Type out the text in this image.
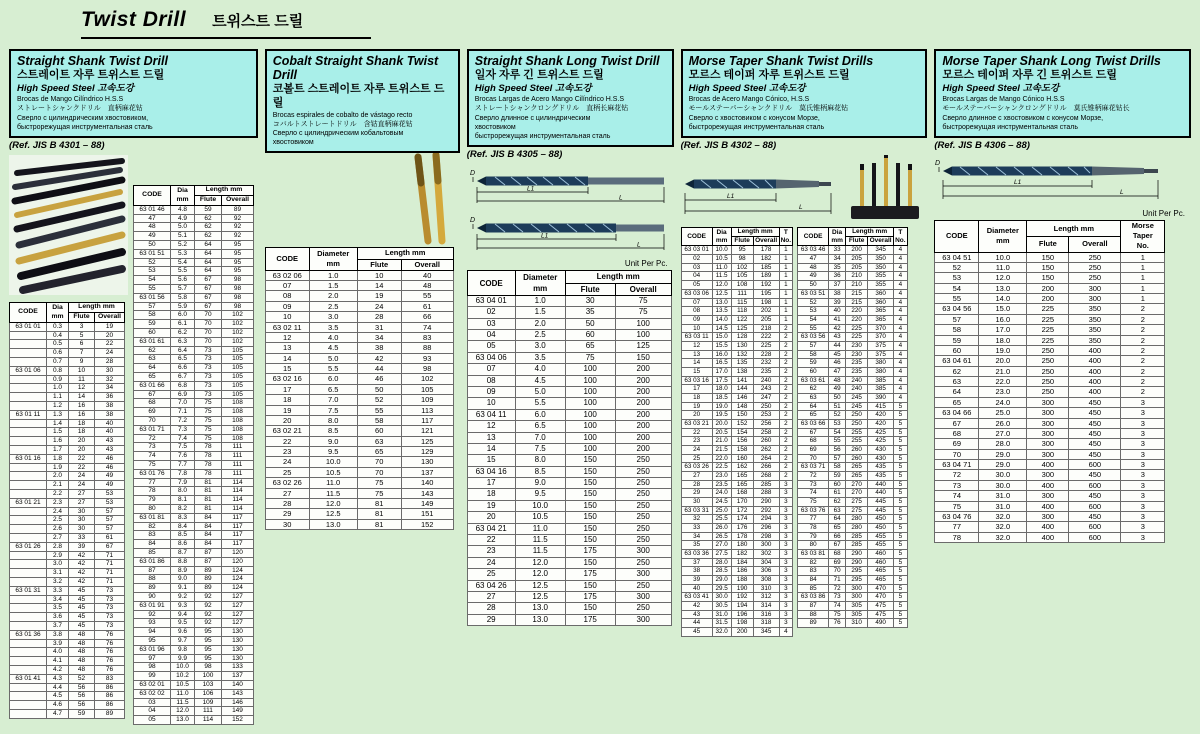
Twist Drill 트위스트 드릴
Straight Shank Twist Drill
스트레이트 자루 트위스트 드릴
High Speed Steel 고속도강
Brocas de Mango Cilíndrico H.S.S
ストレートシャンクドリル　直柄麻花钻
Сверло с цилиндрическим хвостовиком,
быстрорежущая инструментальная сталь
(Ref. JIS B 4301 – 88)
CODE	Dia
mm	Length mm	
		Flute	Overall
63 01 01	0.3	3	19
	0.4	5	20
	0.5	6	22
	0.6	7	24
	0.7	9	28
63 01 06	0.8	10	30
	0.9	11	32
	1.0	12	34
	1.1	14	36
	1.2	16	38
63 01 11	1.3	16	38
	1.4	18	40
	1.5	18	40
	1.6	20	43
	1.7	20	43
63 01 16	1.8	22	46
	1.9	22	46
	2.0	24	49
	2.1	24	49
	2.2	27	53
63 01 21	2.3	27	53
	2.4	30	57
	2.5	30	57
	2.6	30	57
	2.7	33	61
63 01 26	2.8	39	67
	2.9	42	71
	3.0	42	71
	3.1	42	71
	3.2	42	71
63 01 31	3.3	45	73
	3.4	45	73
	3.5	45	73
	3.6	45	73
	3.7	45	73
63 01 36	3.8	48	76
	3.9	48	76
	4.0	48	76
	4.1	48	76
	4.2	48	76
63 01 41	4.3	52	83
	4.4	56	86
	4.5	56	86
	4.6	56	86
	4.7	59	89
CODE	Dia
mm	Length mm	
		Flute	Overall
63 01 46	4.8	59	89
47	4.9	62	92
48	5.0	62	92
49	5.1	62	92
50	5.2	64	95
63 01 51	5.3	64	95
52	5.4	64	95
53	5.5	64	95
54	5.6	67	98
55	5.7	67	98
63 01 56	5.8	67	98
57	5.9	67	98
58	6.0	70	102
59	6.1	70	102
60	6.2	70	102
63 01 61	6.3	70	102
62	6.4	73	105
63	6.5	73	105
64	6.6	73	105
65	6.7	73	105
63 01 66	6.8	73	105
67	6.9	73	105
68	7.0	75	108
69	7.1	75	108
70	7.2	75	108
63 01 71	7.3	75	108
72	7.4	75	108
73	7.5	78	111
74	7.6	78	111
75	7.7	78	111
63 01 76	7.8	78	111
77	7.9	81	114
78	8.0	81	114
79	8.1	81	114
80	8.2	81	114
63 01 81	8.3	84	117
82	8.4	84	117
83	8.5	84	117
84	8.6	84	117
85	8.7	87	120
63 01 86	8.8	87	120
87	8.9	89	124
88	9.0	89	124
89	9.1	89	124
90	9.2	92	127
63 01 91	9.3	92	127
92	9.4	92	127
93	9.5	92	127
94	9.6	95	130
95	9.7	95	130
63 01 96	9.8	95	130
97	9.9	95	130
98	10.0	98	133
99	10.2	100	137
63 02 01	10.5	103	140
63 02 02	11.0	106	143
03	11.5	109	146
04	12.0	111	149
05	13.0	114	152
Cobalt Straight Shank Twist Drill
코볼트 스트레이트 자루 트위스트 드릴
Brocas espirales de cobalto de vástago recto
コバルトストレートドリル　含钴直柄麻花钻
Сверло с цилиндрическим кобальтовым
хвостовиком
CODE	Diameter
mm	Length mm	
		Flute	Overall
63 02 06	1.0	10	40
07	1.5	14	48
08	2.0	19	55
09	2.5	24	61
10	3.0	28	66
63 02 11	3.5	31	74
12	4.0	34	83
13	4.5	38	88
14	5.0	42	93
15	5.5	44	98
63 02 16	6.0	46	102
17	6.5	50	105
18	7.0	52	109
19	7.5	55	113
20	8.0	58	117
63 02 21	8.5	60	121
22	9.0	63	125
23	9.5	65	129
24	10.0	70	130
25	10.5	70	137
63 02 26	11.0	75	140
27	11.5	75	143
28	12.0	81	149
29	12.5	81	151
30	13.0	81	152
Straight Shank Long Twist Drill
일자 자루 긴 트위스트 드릴
High Speed Steel 고속도강
Brocas Largas de Acero Mango Cilíndrico H.S.S
ストレートシャンクロングドリル　直柄长麻花钻
Сверло длинное с цилиндрическим
хвостовиком
быстрорежущая инструментальная сталь
(Ref. JIS B 4305 – 88)
D
L1
L

D
L1
L
Unit Per Pc.
CODE	Diameter
mm	Length mm	
		Flute	Overall
63 04 01	1.0	30	75
02	1.5	35	75
03	2.0	50	100
04	2.5	60	100
05	3.0	65	125
63 04 06	3.5	75	150
07	4.0	100	200
08	4.5	100	200
09	5.0	100	200
10	5.5	100	200
63 04 11	6.0	100	200
12	6.5	100	200
13	7.0	100	200
14	7.5	100	200
15	8.0	150	250
63 04 16	8.5	150	250
17	9.0	150	250
18	9.5	150	250
19	10.0	150	250
20	10.5	150	250
63 04 21	11.0	150	250
22	11.5	150	250
23	11.5	175	300
24	12.0	150	250
25	12.0	175	300
63 04 26	12.5	150	250
27	12.5	175	300
28	13.0	150	250
29	13.0	175	300
Morse Taper Shank Twist Drills
모르스 테이퍼 자루 트위스트 드릴
High Speed Steel 고속도강
Brocas de Acero Mango Cónico, H.S.S
モールステーパーシャンクドリル　莫氏锥柄麻花钻
Сверло с хвостовиком с конусом Морзе,
быстрорежущая инструментальная сталь
(Ref. JIS B 4302 – 88)
L1
L
CODE	Dia
mm	Length mm		T
No.
		Flute	Overall	
63 03 01	10.0	95	178	1
02	10.5	98	182	1
03	11.0	102	185	1
04	11.5	105	189	1
05	12.0	108	192	1
63 03 06	12.5	111	195	1
07	13.0	115	198	1
08	13.5	118	202	1
09	14.0	122	205	1
10	14.5	125	218	2
63 03 11	15.0	128	222	2
12	15.5	130	225	2
13	16.0	132	228	2
14	16.5	135	232	2
15	17.0	138	235	2
63 03 16	17.5	141	240	2
17	18.0	144	243	2
18	18.5	146	247	2
19	19.0	148	250	2
20	19.5	150	253	2
63 03 21	20.0	152	256	2
22	20.5	154	258	2
23	21.0	156	260	2
24	21.5	158	262	2
25	22.0	160	264	2
63 03 26	22.5	162	266	2
27	23.0	165	268	2
28	23.5	165	285	3
29	24.0	168	288	3
30	24.5	170	290	3
63 03 31	25.0	172	292	3
32	25.5	174	294	3
33	26.0	176	296	3
34	26.5	178	298	3
35	27.0	180	300	3
63 03 36	27.5	182	302	3
37	28.0	184	304	3
38	28.5	186	306	3
39	29.0	188	308	3
40	29.5	190	310	3
63 03 41	30.0	192	312	3
42	30.5	194	314	3
43	31.0	196	316	3
44	31.5	198	318	3
45	32.0	200	345	4
CODE	Dia
mm	Length mm		T
No.
		Flute	Overall	
63 03 46	33	200	345	4
47	34	205	350	4
48	35	205	350	4
49	36	210	355	4
50	37	210	355	4
63 03 51	38	215	360	4
52	39	215	360	4
53	40	220	365	4
54	41	220	365	4
55	42	225	370	4
63 03 56	43	225	370	4
57	44	230	375	4
58	45	230	375	4
59	46	235	380	4
60	47	235	380	4
63 03 61	48	240	385	4
62	49	240	385	4
63	50	245	390	4
64	51	245	415	5
65	52	250	420	5
63 03 66	53	250	420	5
67	54	255	425	5
68	55	255	425	5
69	56	260	430	5
70	57	260	430	5
63 03 71	58	265	435	5
72	59	265	435	5
73	60	270	440	5
74	61	270	440	5
75	62	275	445	5
63 03 76	63	275	445	5
77	64	280	450	5
78	65	280	450	5
79	66	285	455	5
80	67	285	455	5
63 03 81	68	290	460	5
82	69	290	460	5
83	70	295	465	5
84	71	295	465	5
85	72	300	470	5
63 03 86	73	300	470	5
87	74	305	475	5
88	75	305	475	5
89	76	310	490	5
Morse Taper Shank Long Twist Drills
모르스 테이퍼 자루 긴 트위스트 드릴
High Speed Steel 고속도강
Brocas Largas de Mango Cónico H.S.S
モールステーパーシャンクロングドリル　莫氏锥柄麻花钻长
Сверло длинное с хвостовиком с конусом Морзе,
быстрорежущая инструментальная сталь
(Ref. JIS B 4306 – 88)
D
L1
L
Unit Per Pc.
CODE	Diameter
mm	Length mm		Morse
Taper
No.
		Flute	Overall	
63 04 51	10.0	150	250	1
52	11.0	150	250	1
53	12.0	150	250	1
54	13.0	200	300	1
55	14.0	200	300	1
63 04 56	15.0	225	350	2
57	16.0	225	350	2
58	17.0	225	350	2
59	18.0	225	350	2
60	19.0	250	400	2
63 04 61	20.0	250	400	2
62	21.0	250	400	2
63	22.0	250	400	2
64	23.0	250	400	2
65	24.0	300	450	3
63 04 66	25.0	300	450	3
67	26.0	300	450	3
68	27.0	300	450	3
69	28.0	300	450	3
70	29.0	300	450	3
63 04 71	29.0	400	600	3
72	30.0	300	450	3
73	30.0	400	600	3
74	31.0	300	450	3
75	31.0	400	600	3
63 04 76	32.0	300	450	3
77	32.0	400	600	3
78	32.0	400	600	3
